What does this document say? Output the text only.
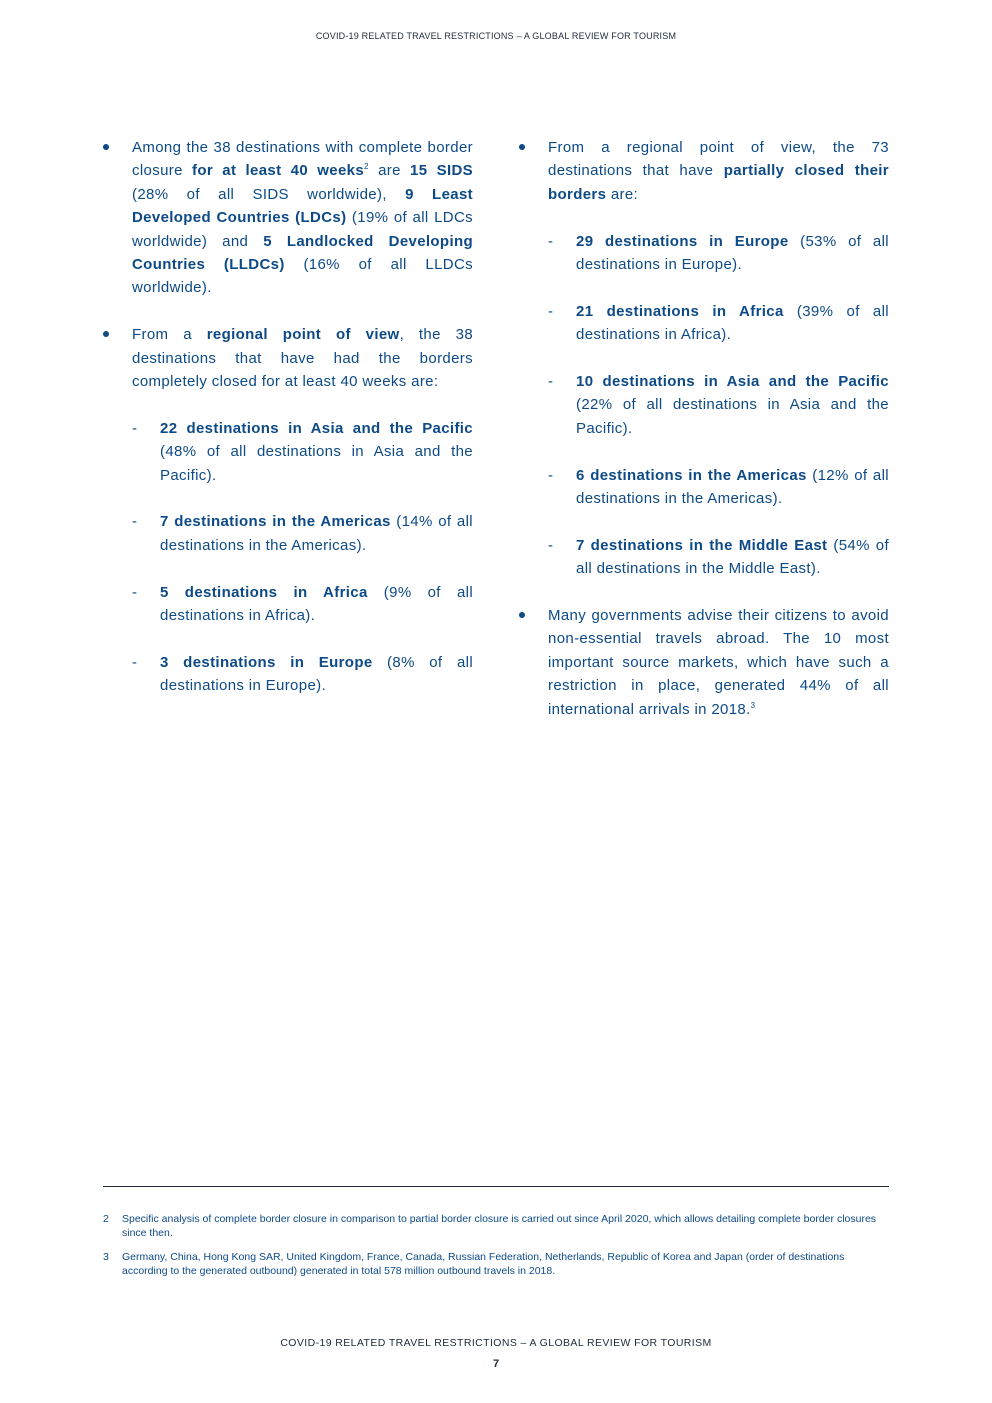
COVID-19 RELATED TRAVEL RESTRICTIONS – A GLOBAL REVIEW FOR TOURISM
Among the 38 destinations with complete border closure for at least 40 weeks$^2$ are 15 SIDS (28% of all SIDS worldwide), 9 Least Developed Countries (LDCs) (19% of all LDCs worldwide) and 5 Landlocked Developing Countries (LLDCs) (16% of all LLDCs worldwide).
From a regional point of view, the 38 destinations that have had the borders completely closed for at least 40 weeks are:
- 22 destinations in Asia and the Pacific (48% of all destinations in Asia and the Pacific).
- 7 destinations in the Americas (14% of all destinations in the Americas).
- 5 destinations in Africa (9% of all destinations in Africa).
- 3 destinations in Europe (8% of all destinations in Europe).
From a regional point of view, the 73 destinations that have partially closed their borders are:
- 29 destinations in Europe (53% of all destinations in Europe).
- 21 destinations in Africa (39% of all destinations in Africa).
- 10 destinations in Asia and the Pacific (22% of all destinations in Asia and the Pacific).
- 6 destinations in the Americas (12% of all destinations in the Americas).
- 7 destinations in the Middle East (54% of all destinations in the Middle East).
Many governments advise their citizens to avoid non-essential travels abroad. The 10 most important source markets, which have such a restriction in place, generated 44% of all international arrivals in 2018.$^3$
2	Specific analysis of complete border closure in comparison to partial border closure is carried out since April 2020, which allows detailing complete border closures since then.
3	Germany, China, Hong Kong SAR, United Kingdom, France, Canada, Russian Federation, Netherlands, Republic of Korea and Japan (order of destinations according to the generated outbound) generated in total 578 million outbound travels in 2018.
COVID-19 RELATED TRAVEL RESTRICTIONS – A GLOBAL REVIEW FOR TOURISM
7
